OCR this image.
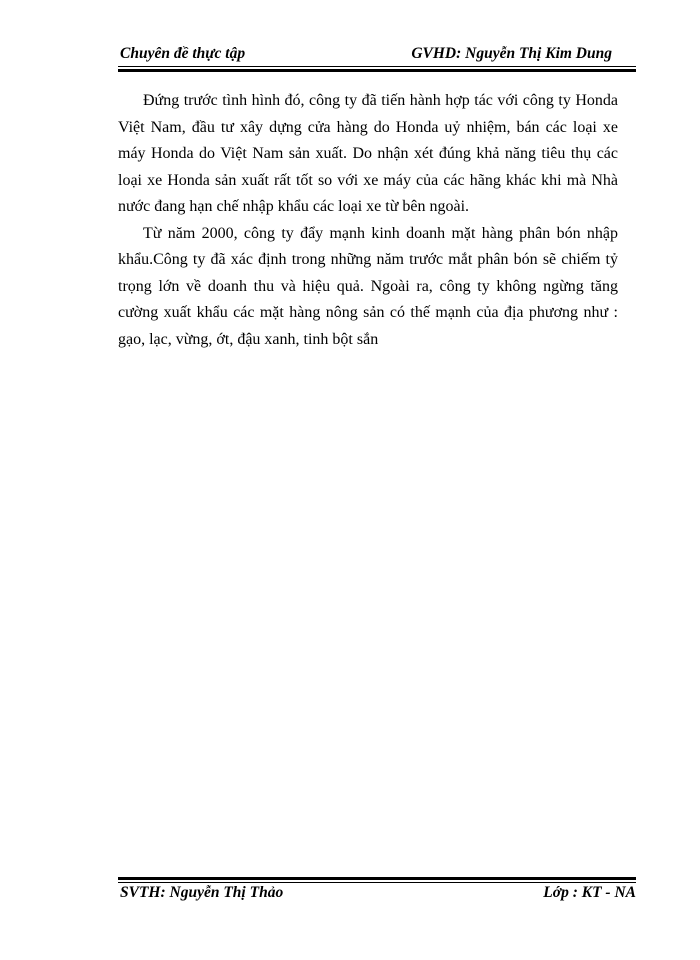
Chuyên đề thực tập	GVHD: Nguyễn Thị Kim Dung

Đứng trước tình hình đó, công ty đã tiến hành hợp tác với công ty Honda Việt Nam, đầu tư xây dựng cửa hàng do Honda uỷ nhiệm, bán các loại xe máy Honda do Việt Nam sản xuất. Do nhận xét đúng khả năng tiêu thụ các loại xe Honda sản xuất rất tốt so với xe máy của các hãng khác khi mà Nhà nước đang hạn chế nhập khẩu các loại xe từ bên ngoài.

Từ năm 2000, công ty đẩy mạnh kinh doanh mặt hàng phân bón nhập khẩu.Công ty đã xác định trong những năm trước mắt phân bón sẽ chiếm tỷ trọng lớn về doanh thu và hiệu quả. Ngoài ra, công ty không ngừng tăng cường xuất khẩu các mặt hàng nông sản có thế mạnh của địa phương như : gạo, lạc, vừng, ớt, đậu xanh, tinh bột sắn

SVTH: Nguyễn Thị Thảo	Lớp : KT - NA
